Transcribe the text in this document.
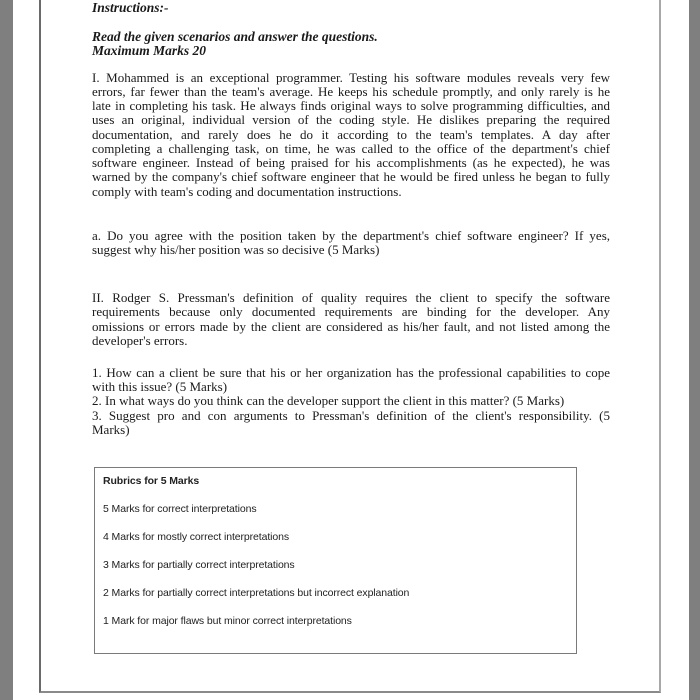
Instructions:-
Read the given scenarios and answer the questions.
Maximum Marks 20
I. Mohammed is an exceptional programmer. Testing his software modules reveals very few
errors, far fewer than the team's average. He keeps his schedule promptly, and only rarely is he
late in completing his task. He always finds original ways to solve programming difficulties, and
uses an original, individual version of the coding style. He dislikes preparing the required
documentation, and rarely does he do it according to the team's templates. A day after
completing a challenging task, on time, he was called to the office of the department's chief
software engineer. Instead of being praised for his accomplishments (as he expected), he was
warned by the company's chief software engineer that he would be fired unless he began to fully
comply with team's coding and documentation instructions.
a. Do you agree with the position taken by the department's chief software engineer? If yes,
suggest why his/her position was so decisive (5 Marks)
II. Rodger S. Pressman's definition of quality requires the client to specify the software
requirements because only documented requirements are binding for the developer. Any
omissions or errors made by the client are considered as his/her fault, and not listed among the
developer's errors.
1. How can a client be sure that his or her organization has the professional capabilities to cope
with this issue? (5 Marks)
2. In what ways do you think can the developer support the client in this matter? (5 Marks)
3. Suggest pro and con arguments to Pressman's definition of the client's responsibility. (5
Marks)
Rubrics for 5 Marks
5 Marks for correct interpretations
4 Marks for mostly correct interpretations
3 Marks for partially correct interpretations
2 Marks for partially correct interpretations but incorrect explanation
1 Mark for major flaws but minor correct interpretations
